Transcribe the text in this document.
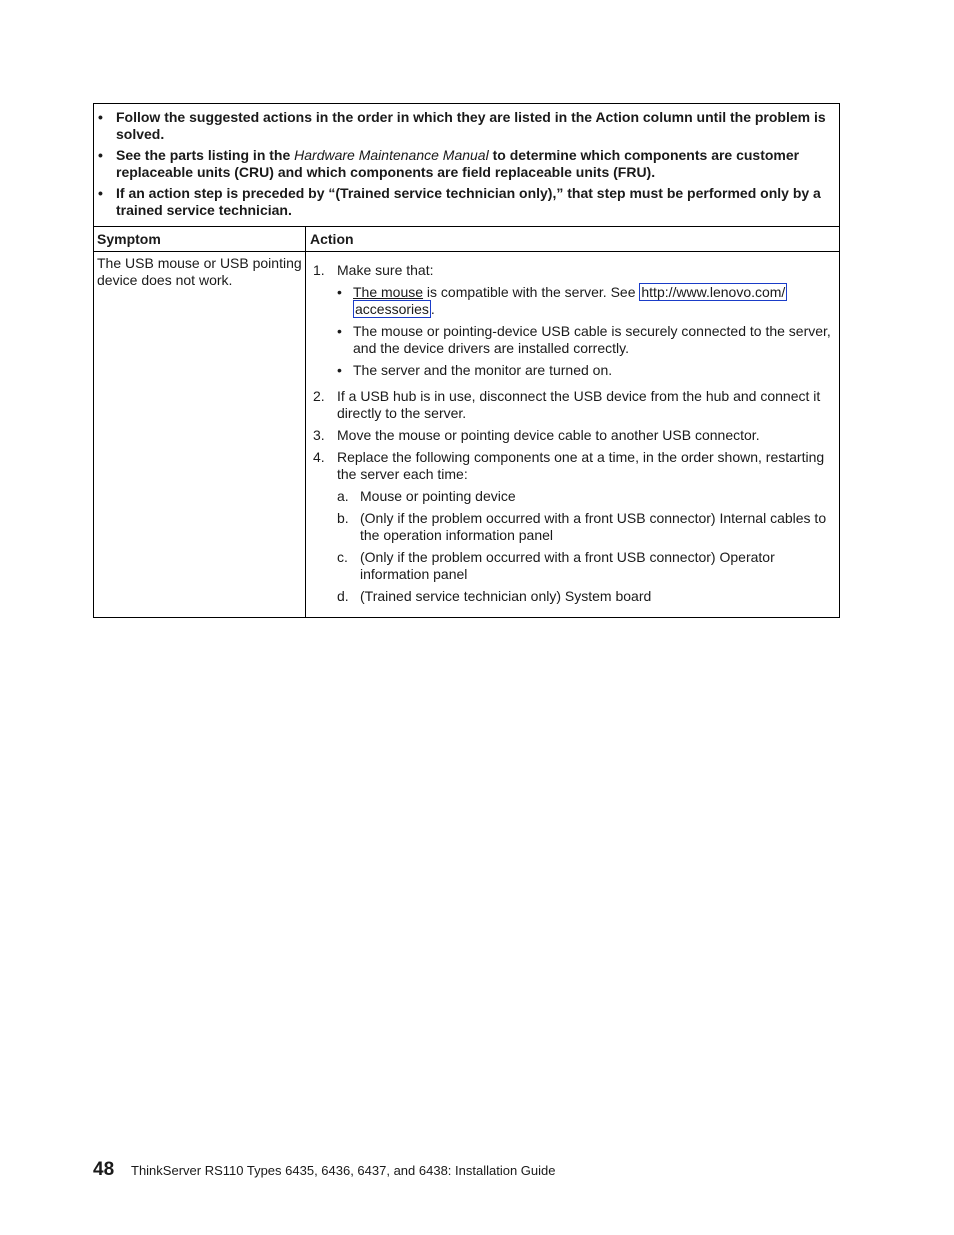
• Follow the suggested actions in the order in which they are listed in the Action column until the problem is solved.
• See the parts listing in the Hardware Maintenance Manual to determine which components are customer replaceable units (CRU) and which components are field replaceable units (FRU).
• If an action step is preceded by “(Trained service technician only),” that step must be performed only by a trained service technician.
Symptom	Action
The USB mouse or USB pointing device does not work.
1. Make sure that:
• The mouse is compatible with the server. See http://www.lenovo.com/
accessories .
• The mouse or pointing-device USB cable is securely connected to the server, and the device drivers are installed correctly.
• The server and the monitor are turned on.
2. If a USB hub is in use, disconnect the USB device from the hub and connect it directly to the server.
3. Move the mouse or pointing device cable to another USB connector.
4. Replace the following components one at a time, in the order shown, restarting the server each time:
a. Mouse or pointing device
b. (Only if the problem occurred with a front USB connector) Internal cables to the operation information panel
c. (Only if the problem occurred with a front USB connector) Operator information panel
d. (Trained service technician only) System board
48	ThinkServer RS110 Types 6435, 6436, 6437, and 6438: Installation Guide
